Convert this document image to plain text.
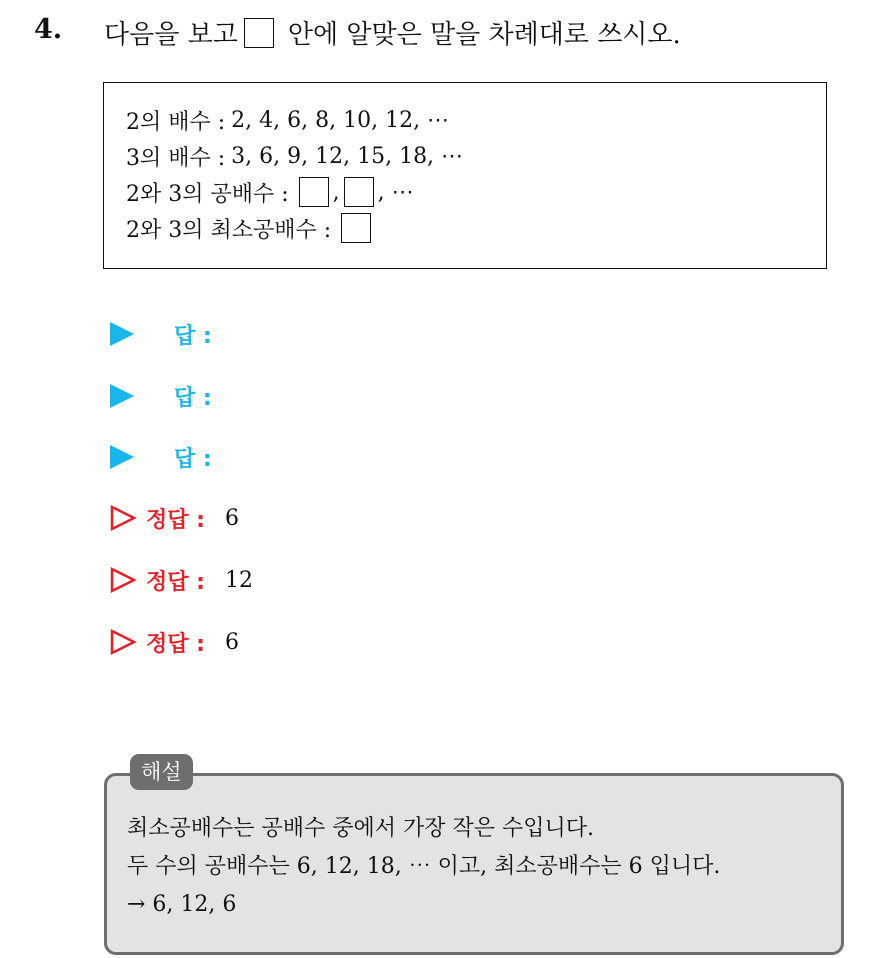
4. 다음을 보고 안에 알맞은 말을 차례대로 쓰시오.
2의 배수 : 2, 4, 6, 8, 10, 12, ⋯
3의 배수 : 3, 6, 9, 12, 15, 18, ⋯
2와 3의 공배수 : , , ⋯
2와 3의 최소공배수 :
답 :
답 :
답 :
정답 : 6
정답 : 12
정답 : 6
최소공배수는 공배수 중에서 가장 작은 수입니다.
두 수의 공배수는 6, 12, 18, ⋯ 이고, 최소공배수는 6 입니다.
→ 6, 12, 6
해설
